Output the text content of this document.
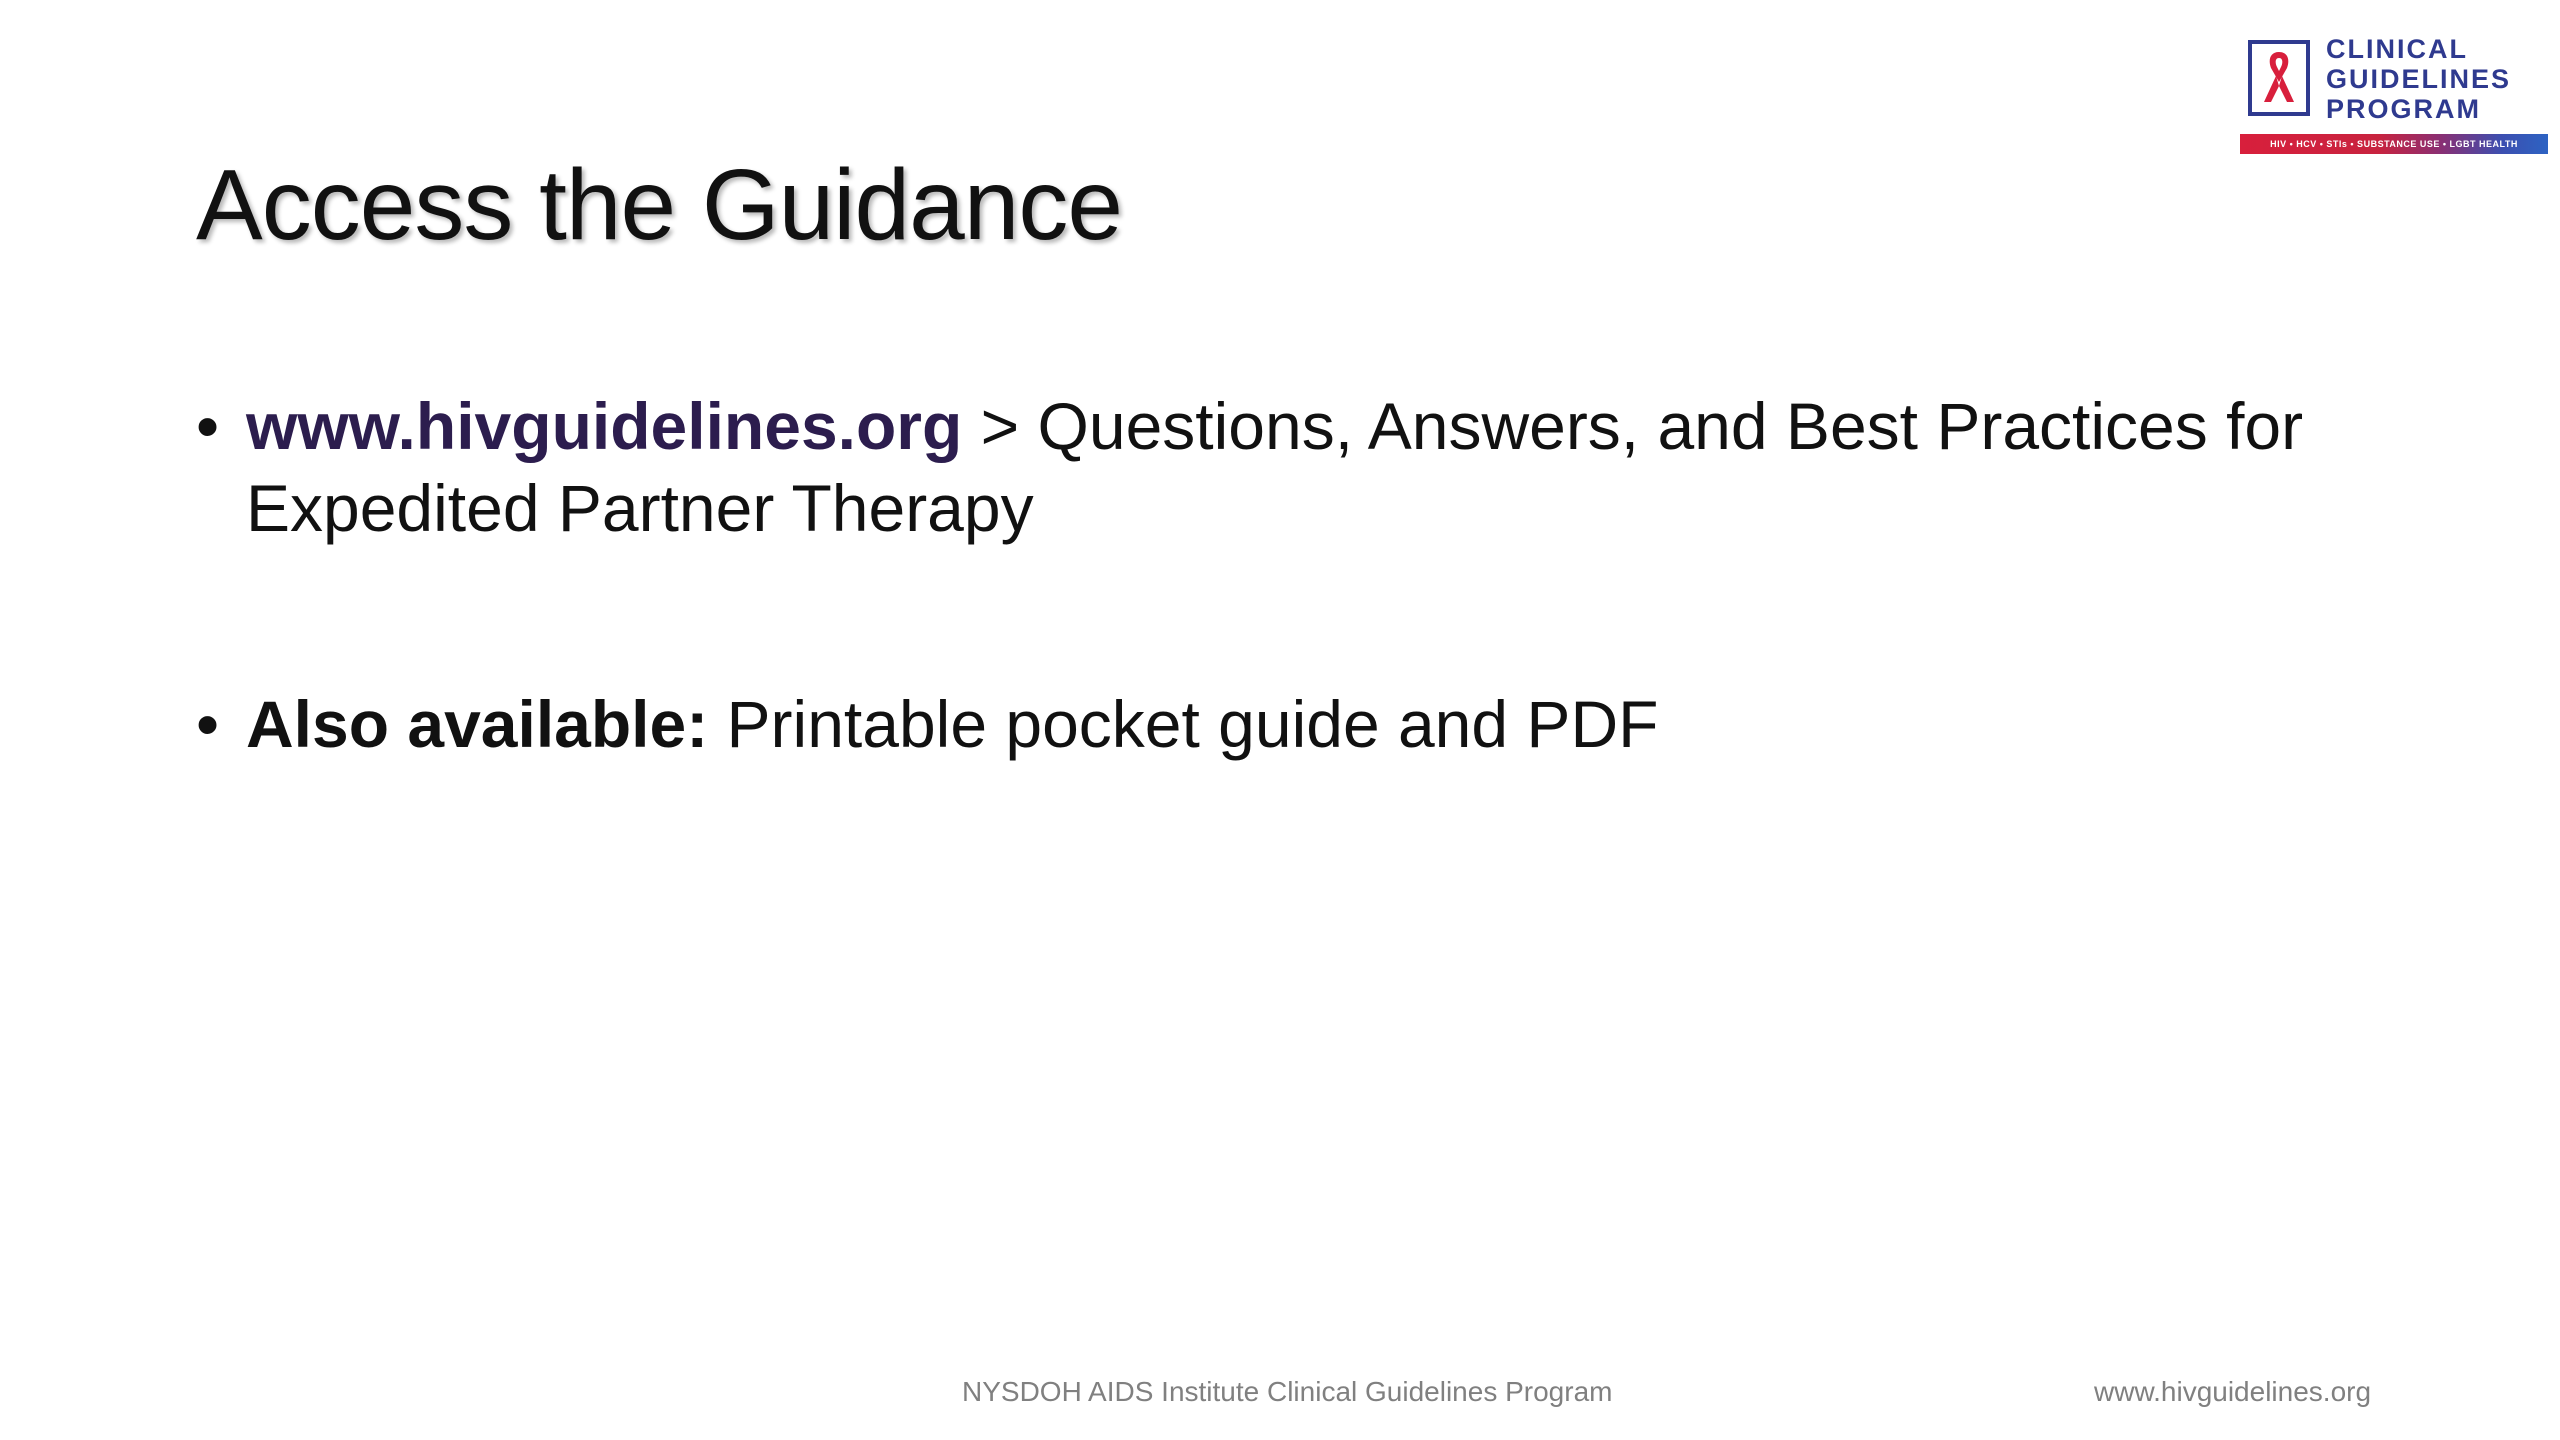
CLINICAL
GUIDELINES
PROGRAM
HIV • HCV • STIs • SUBSTANCE USE • LGBT HEALTH
Access the Guidance
• www.hivguidelines.org > Questions, Answers, and Best Practices for Expedited Partner Therapy
• Also available: Printable pocket guide and PDF
NYSDOH AIDS Institute Clinical Guidelines Program	www.hivguidelines.org
